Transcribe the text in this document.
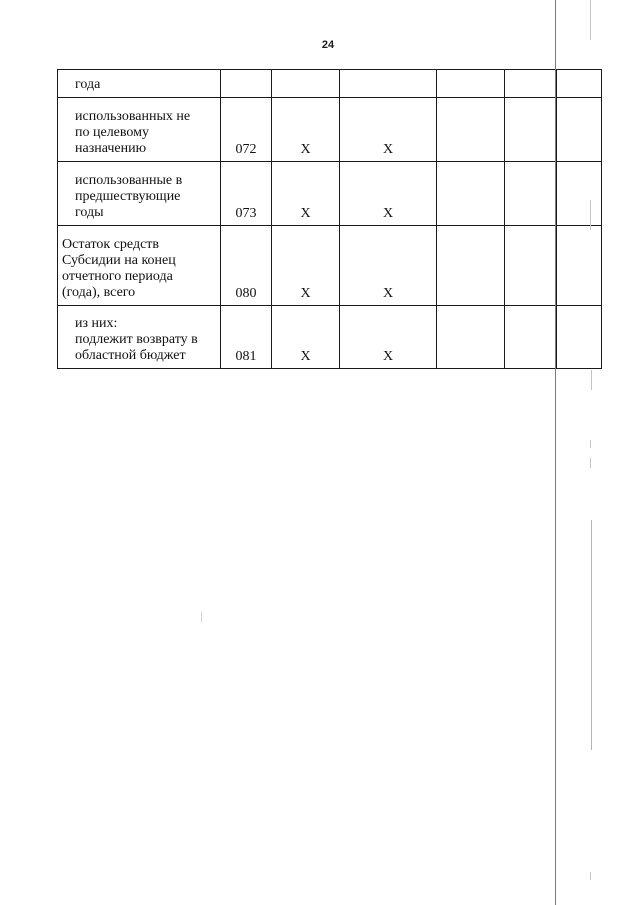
24
года						

использованных не
по целевому
назначению	072	X	X			

использованные в
предшествующие
годы	073	X	X			

Остаток средств
Субсидии на конец
отчетного периода
(года), всего	080	X	X			

из них:
подлежит возврату в
областной бюджет	081	X	X			
